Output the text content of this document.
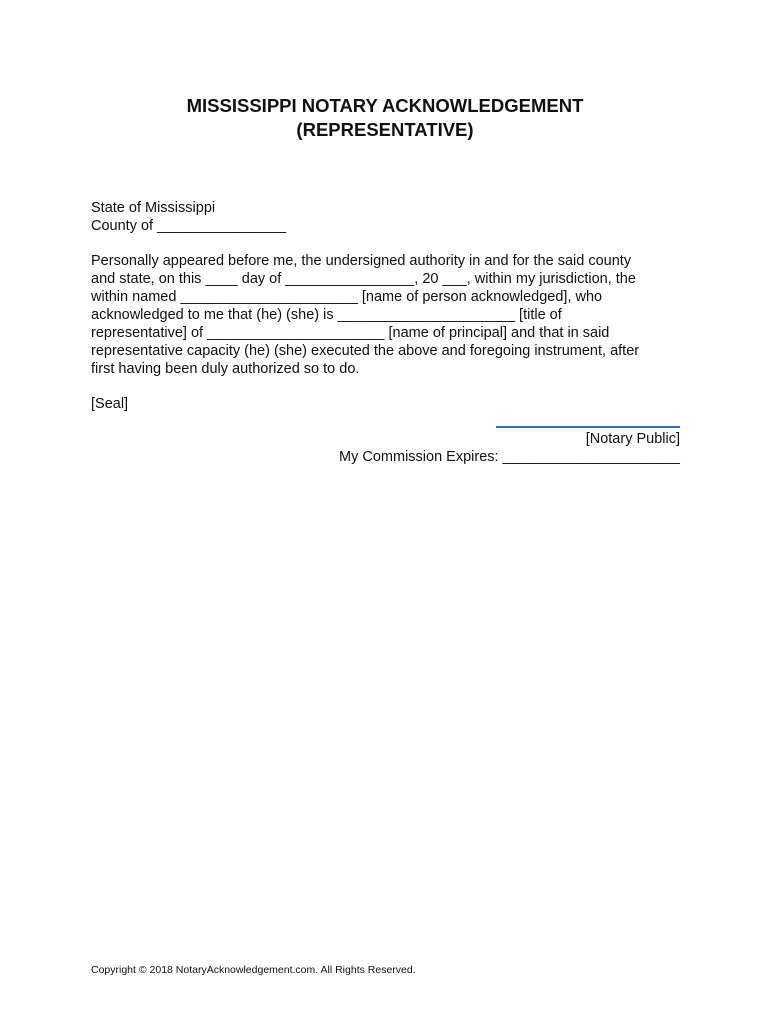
MISSISSIPPI NOTARY ACKNOWLEDGEMENT
(REPRESENTATIVE)
State of Mississippi
County of ________________
Personally appeared before me, the undersigned authority in and for the said county
and state, on this ____ day of ________________, 20 ___, within my jurisdiction, the
within named ______________________ [name of person acknowledged], who
acknowledged to me that (he) (she) is ______________________ [title of
representative] of ______________________ [name of principal] and that in said
representative capacity (he) (she) executed the above and foregoing instrument, after
first having been duly authorized so to do.
[Seal]
[Notary Public]
My Commission Expires: ______________________
Copyright © 2018 NotaryAcknowledgement.com. All Rights Reserved.
